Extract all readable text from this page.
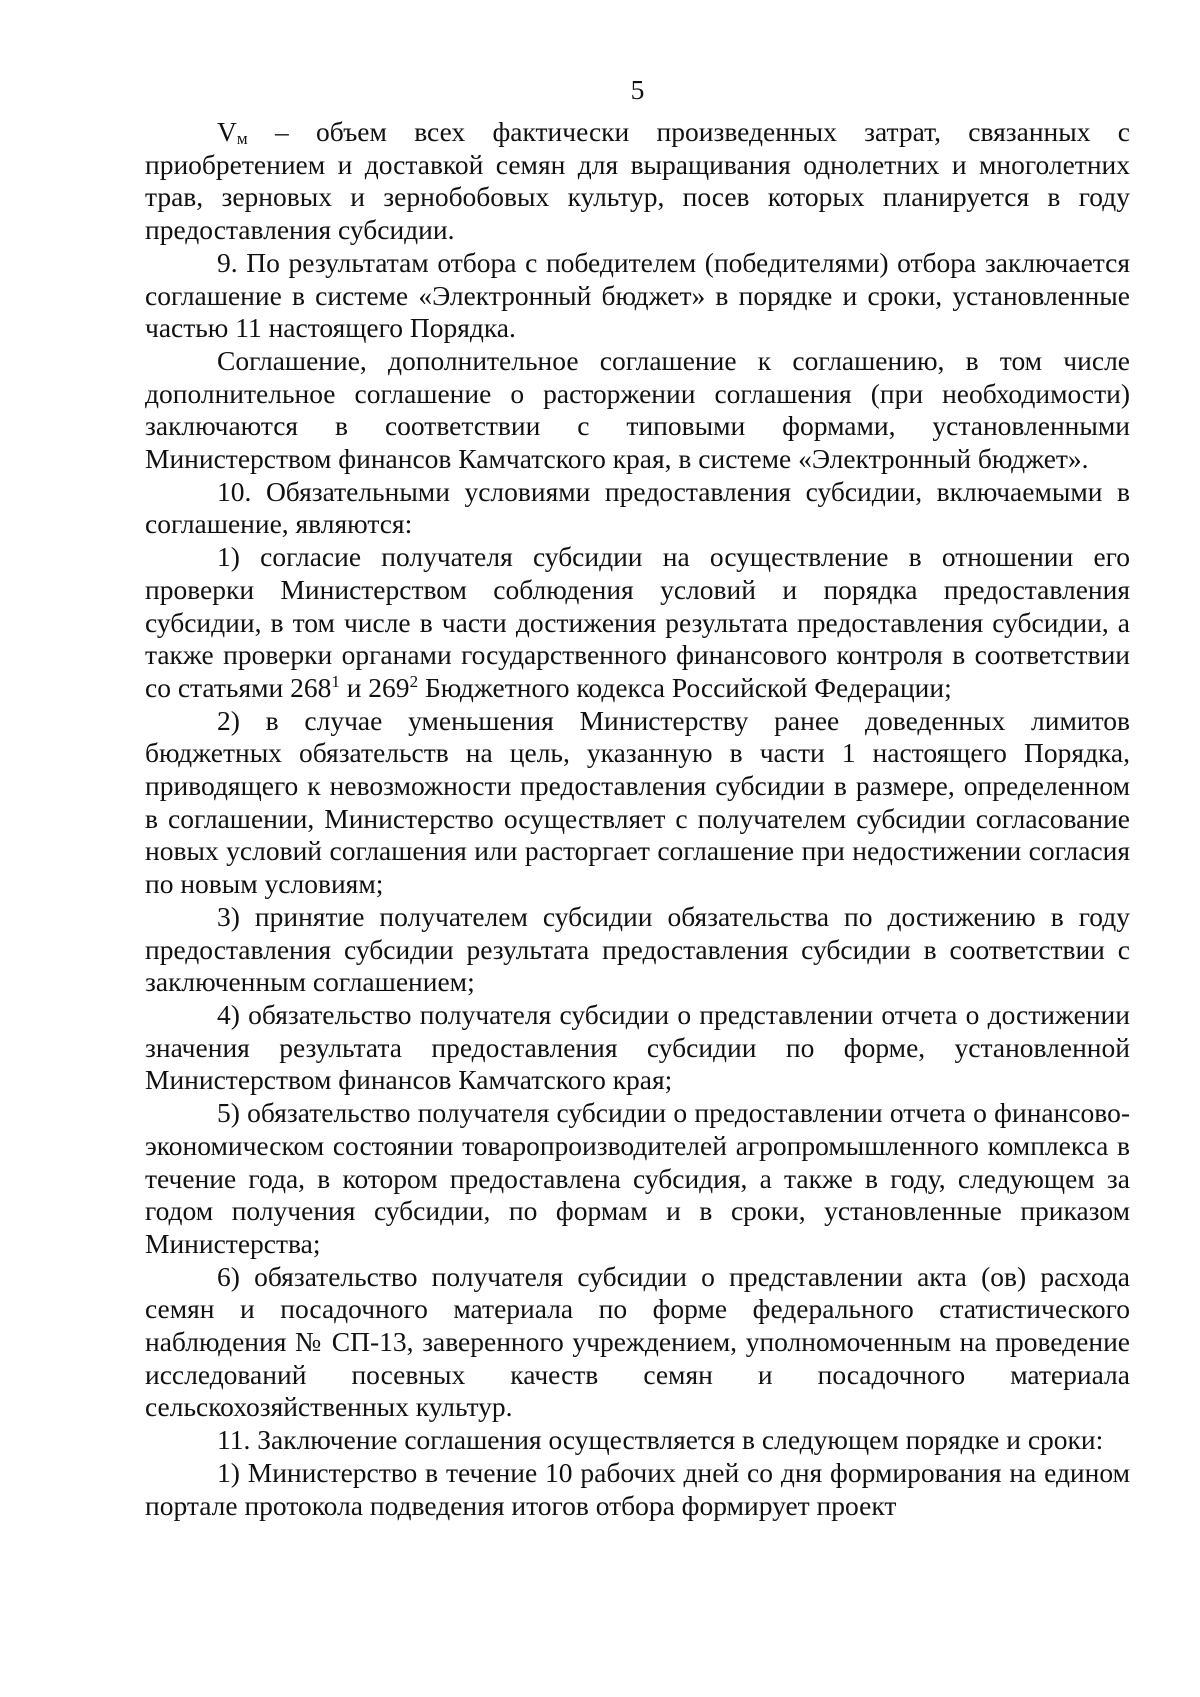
5

Vм – объем всех фактически произведенных затрат, связанных с приобретением и доставкой семян для выращивания однолетних и многолетних трав, зерновых и зернобобовых культур, посев которых планируется в году предоставления субсидии.

9. По результатам отбора с победителем (победителями) отбора заключается соглашение в системе «Электронный бюджет» в порядке и сроки, установленные частью 11 настоящего Порядка.

Соглашение, дополнительное соглашение к соглашению, в том числе дополнительное соглашение о расторжении соглашения (при необходимости) заключаются в соответствии с типовыми формами, установленными Министерством финансов Камчатского края, в системе «Электронный бюджет».

10. Обязательными условиями предоставления субсидии, включаемыми в соглашение, являются:

1) согласие получателя субсидии на осуществление в отношении его проверки Министерством соблюдения условий и порядка предоставления субсидии, в том числе в части достижения результата предоставления субсидии, а также проверки органами государственного финансового контроля в соответствии со статьями $268^1$ и $269^2$ Бюджетного кодекса Российской Федерации;

2) в случае уменьшения Министерству ранее доведенных лимитов бюджетных обязательств на цель, указанную в части 1 настоящего Порядка, приводящего к невозможности предоставления субсидии в размере, определенном в соглашении, Министерство осуществляет с получателем субсидии согласование новых условий соглашения или расторгает соглашение при недостижении согласия по новым условиям;

3) принятие получателем субсидии обязательства по достижению в году предоставления субсидии результата предоставления субсидии в соответствии с заключенным соглашением;

4) обязательство получателя субсидии о представлении отчета о достижении значения результата предоставления субсидии по форме, установленной Министерством финансов Камчатского края;

5) обязательство получателя субсидии о предоставлении отчета о финансово-экономическом состоянии товаропроизводителей агропромышленного комплекса в течение года, в котором предоставлена субсидия, а также в году, следующем за годом получения субсидии, по формам и в сроки, установленные приказом Министерства;

6) обязательство получателя субсидии о представлении акта (ов) расхода семян и посадочного материала по форме федерального статистического наблюдения № СП-13, заверенного учреждением, уполномоченным на проведение исследований посевных качеств семян и посадочного материала сельскохозяйственных культур.

11. Заключение соглашения осуществляется в следующем порядке и сроки:

1) Министерство в течение 10 рабочих дней со дня формирования на едином портале протокола подведения итогов отбора формирует проект
